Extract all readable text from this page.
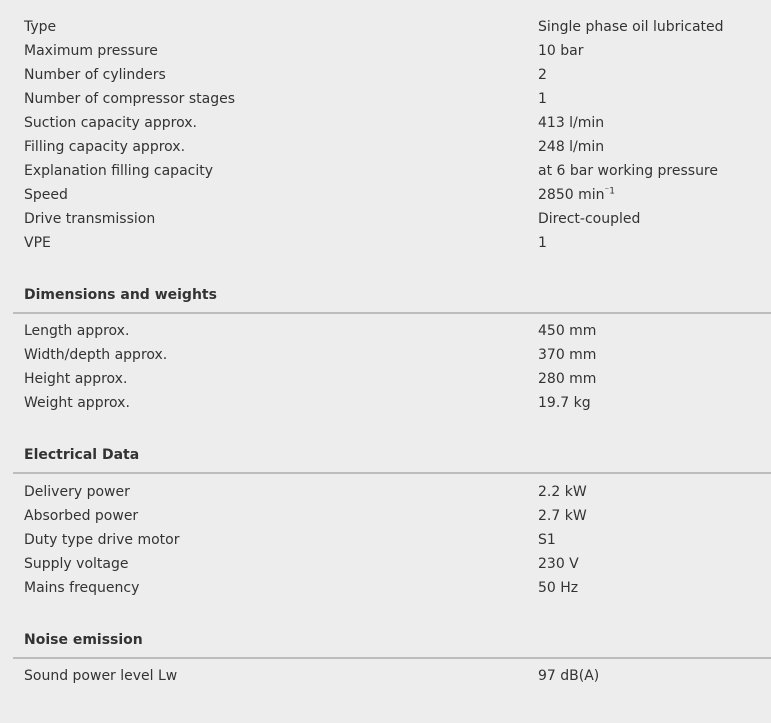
Type	Single phase oil lubricated
Maximum pressure	10 bar
Number of cylinders	2
Number of compressor stages	1
Suction capacity approx.	413 l/min
Filling capacity approx.	248 l/min
Explanation filling capacity	at 6 bar working pressure
Speed	2850 $\min^{^-1}$
Drive transmission	Direct-coupled
VPE	1
Dimensions and weights
Length approx.	450 mm
Width/depth approx.	370 mm
Height approx.	280 mm
Weight approx.	19.7 kg
Electrical Data
Delivery power	2.2 kW
Absorbed power	2.7 kW
Duty type drive motor	S1
Supply voltage	230 V
Mains frequency	50 Hz
Noise emission
Sound power level Lw	97 dB(A)
